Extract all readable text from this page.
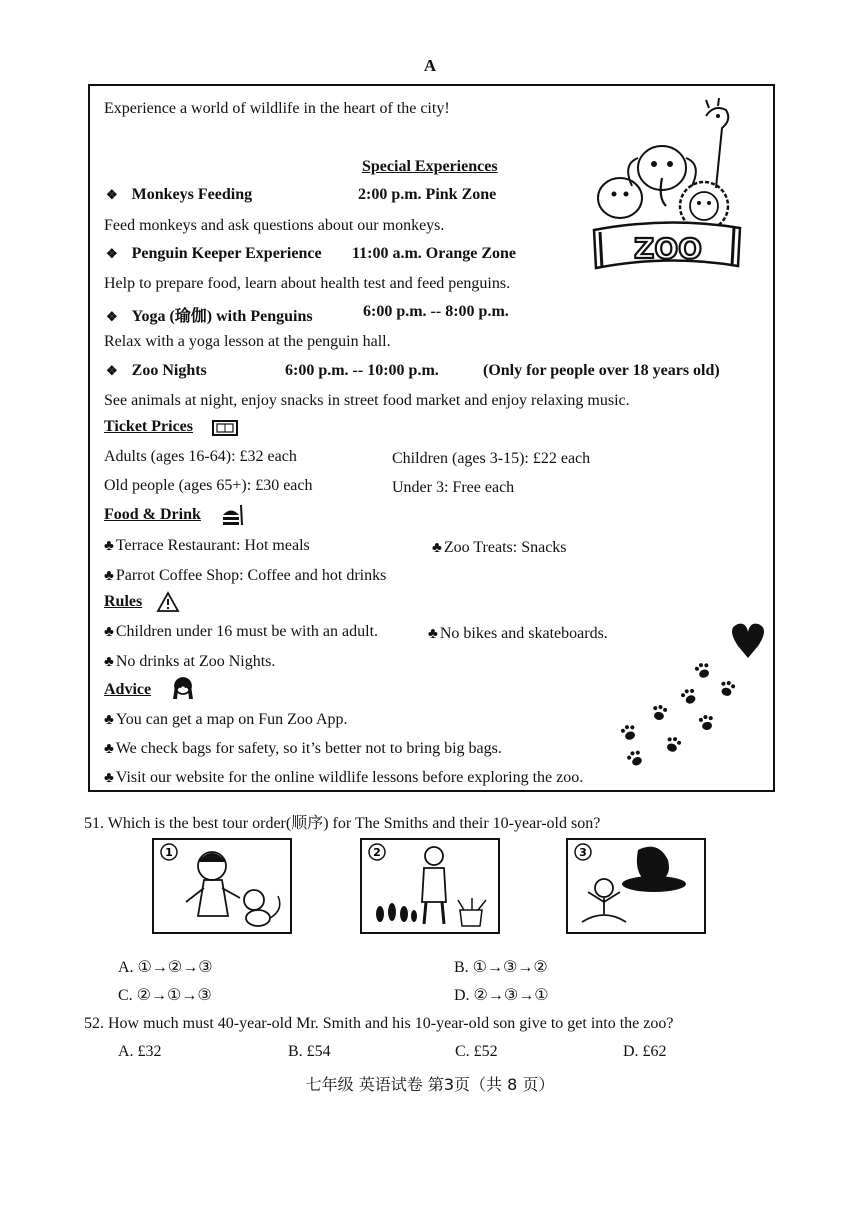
A
Experience a world of wildlife in the heart of the city!
Special Experiences
❖ Monkeys Feeding	2:00 p.m. Pink Zone
Feed monkeys and ask questions about our monkeys.
❖ Penguin Keeper Experience 11:00 a.m. Orange Zone
Help to prepare food, learn about health test and feed penguins.
❖ Yoga (瑜伽) with Penguins	6:00 p.m. -- 8:00 p.m.
Relax with a yoga lesson at the penguin hall.
❖ Zoo Nights	6:00 p.m. -- 10:00 p.m.	(Only for people over 18 years old)
See animals at night, enjoy snacks in street food market and enjoy relaxing music.
Ticket Prices
Adults (ages 16-64): £32 each	Children (ages 3-15): £22 each
Old people (ages 65+): £30 each	Under 3: Free each
Food & Drink
♣ Terrace Restaurant: Hot meals	♣ Zoo Treats: Snacks
♣ Parrot Coffee Shop: Coffee and hot drinks
Rules
♣ Children under 16 must be with an adult.	♣ No bikes and skateboards.
♣ No drinks at Zoo Nights.
Advice
♣ You can get a map on Fun Zoo App.
♣ We check bags for safety, so it’s better not to bring big bags.
♣ Visit our website for the online wildlife lessons before exploring the zoo.
ZOO
51. Which is the best tour order(顺序) for The Smiths and their 10-year-old son?
1	2	3
A. ①→②→③	B. ①→③→②
C. ②→①→③	D. ②→③→①
52. How much must 40-year-old Mr. Smith and his 10-year-old son give to get into the zoo?
A. £32	B. £54	C. £52	D. £62
七年级 英语试卷 第3页（共 8 页）
